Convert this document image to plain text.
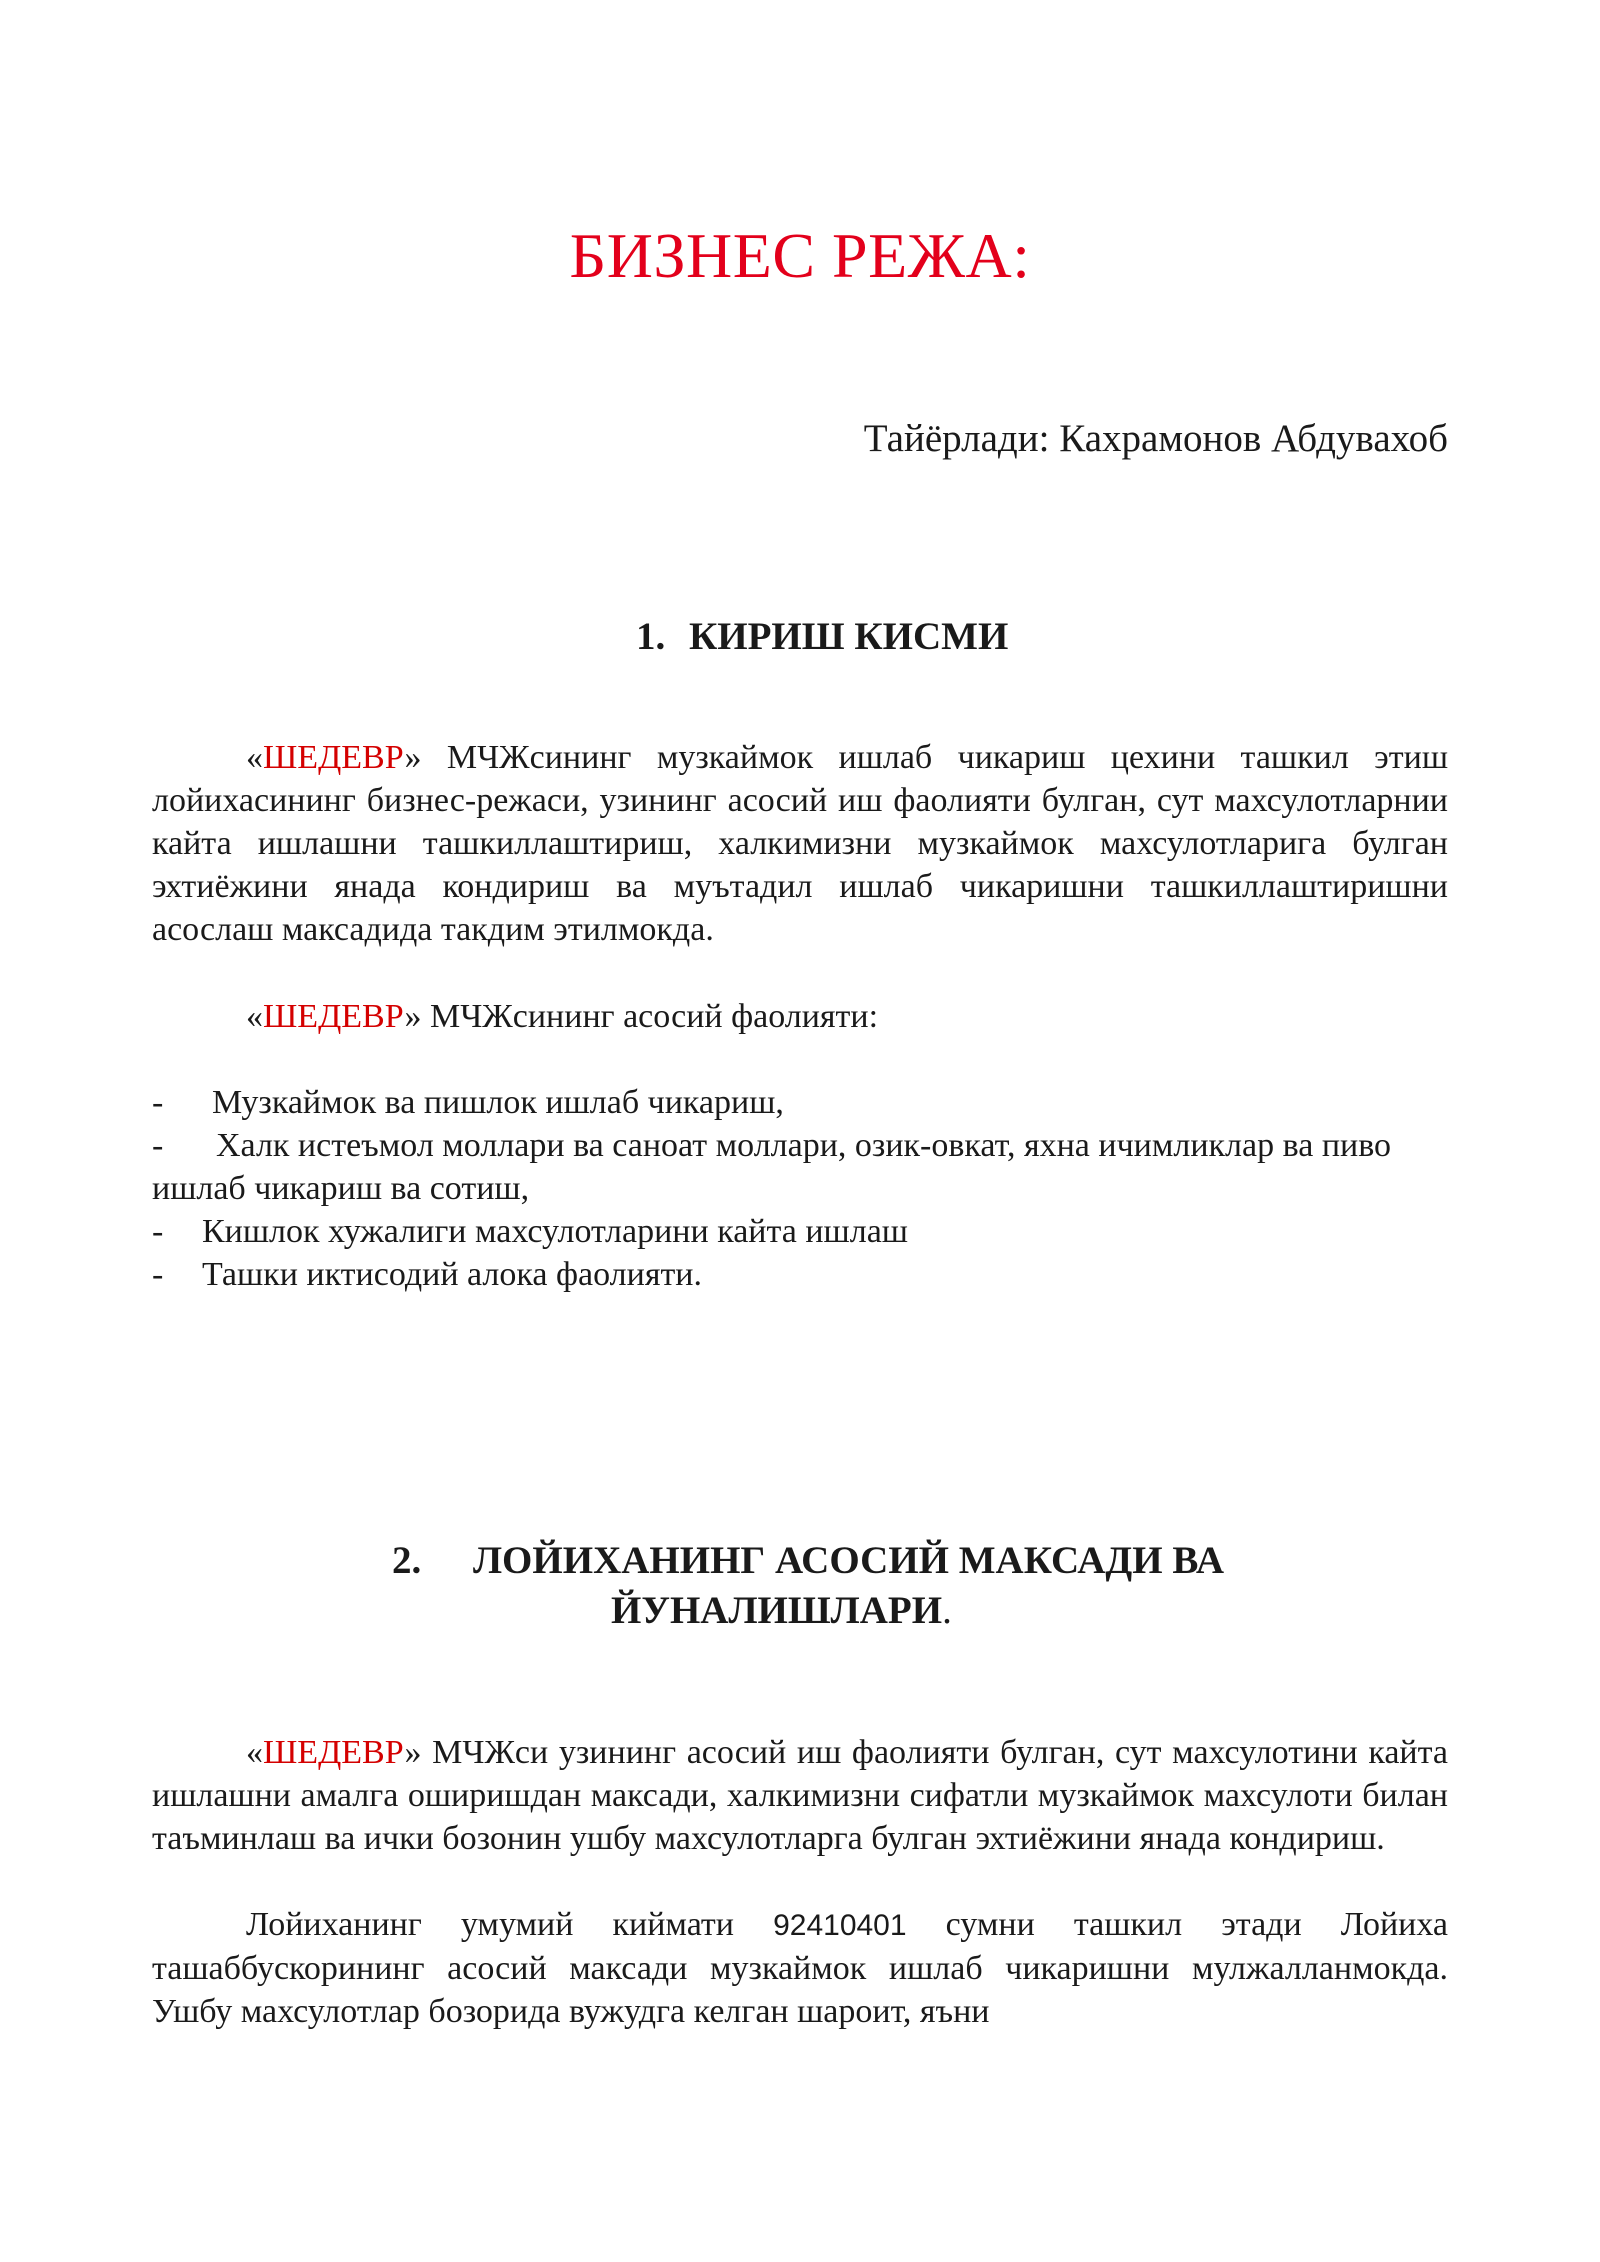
БИЗНЕС РЕЖА:
Тайёрлади: Кахрамонов Абдувахоб
1. КИРИШ КИСМИ

«ШЕДЕВР» МЧЖсининг музкаймок ишлаб чикариш цехини ташкил этиш лойихасининг бизнес-режаси, узининг асосий иш фаолияти булган, сут махсулотларнии кайта ишлашни ташкиллаштириш, халкимизни музкаймок махсулотларига булган эхтиёжини янада кондириш ва муътадил ишлаб чикаришни ташкиллаштиришни асослаш максадида такдим этилмокда.

«ШЕДЕВР» МЧЖсининг асосий фаолияти:

-	Музкаймок ва пишлок ишлаб чикариш,
- Халк истеъмол моллари ва саноат моллари, озик-овкат, яхна ичимликлар ва пиво ишлаб чикариш ва сотиш,
-	Кишлок хужалиги махсулотларини кайта ишлаш
-	Ташки иктисодий алока фаолияти.
2. ЛОЙИХАНИНГ АСОСИЙ МАКСАДИ ВА
ЙУНАЛИШЛАРИ.

«ШЕДЕВР» МЧЖси узининг асосий иш фаолияти булган, сут махсулотини кайта ишлашни амалга оширишдан максади, халкимизни сифатли музкаймок махсулоти билан таъминлаш ва ички бозонин ушбу махсулотларга булган эхтиёжини янада кондириш.

Лойиханинг умумий киймати 92410401 сумни ташкил этади Лойиха ташаббускорининг асосий максади музкаймок ишлаб чикаришни мулжалланмокда. Ушбу махсулотлар бозорида вужудга келган шароит, яъни
